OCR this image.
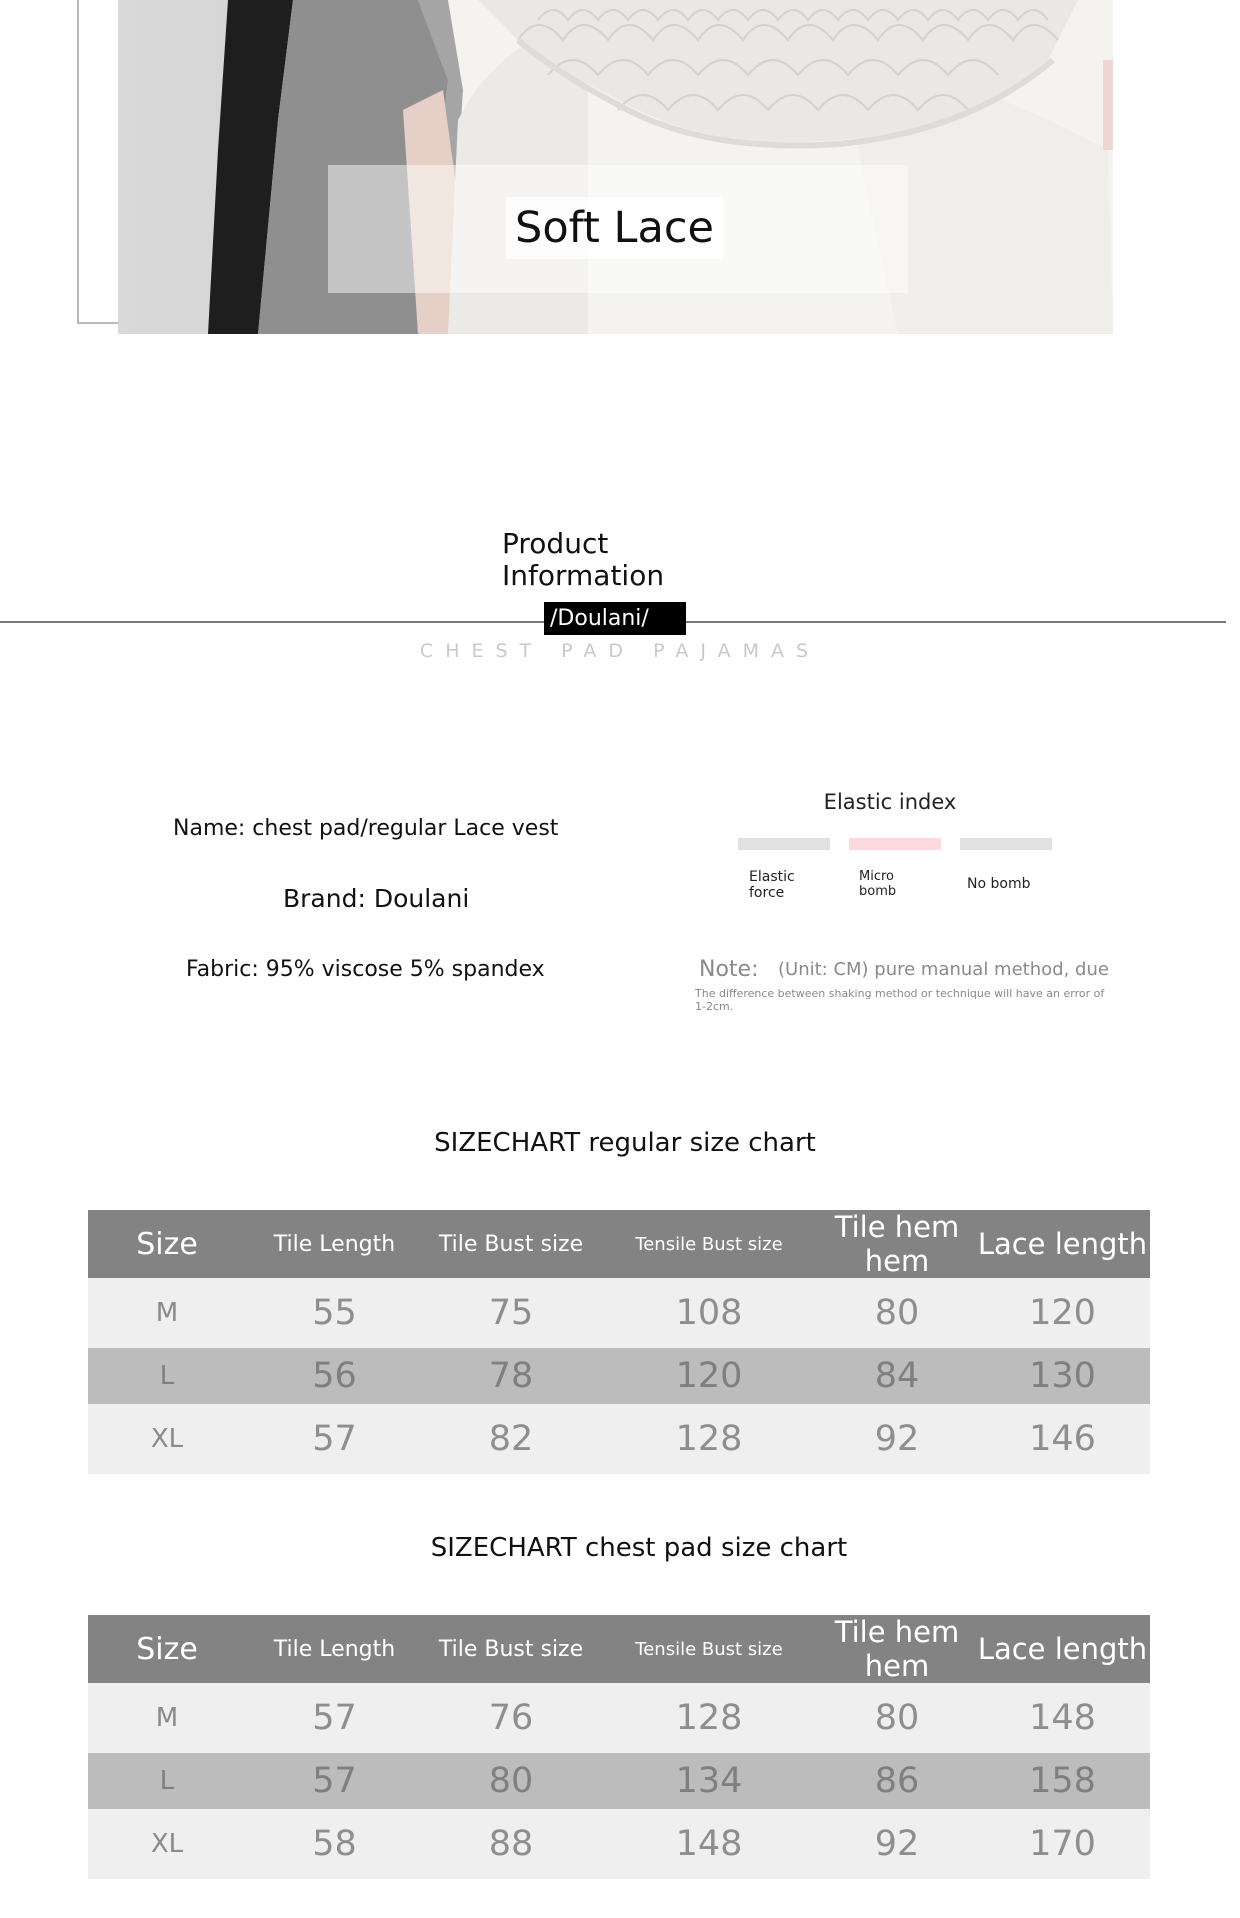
Soft Lace
Product
Information
/Doulani/
CHEST PAD PAJAMAS
Name: chest pad/regular Lace vest
Brand: Doulani
Fabric: 95% viscose 5% spandex
Elastic index
Elastic
force
Micro
bomb	No bomb
Note: (Unit: CM) pure manual method, due
The difference between shaking method or technique will have an error of 1-2cm.
SIZECHART regular size chart
Size	Tile Length	Tile Bust size	Tensile Bust size	Tile hem hem	Lace length
M	55	75	108	80	120
L	56	78	120	84	130
XL	57	82	128	92	146
SIZECHART chest pad size chart
Size	Tile Length	Tile Bust size	Tensile Bust size	Tile hem hem	Lace length
M	57	76	128	80	148
L	57	80	134	86	158
XL	58	88	148	92	170
